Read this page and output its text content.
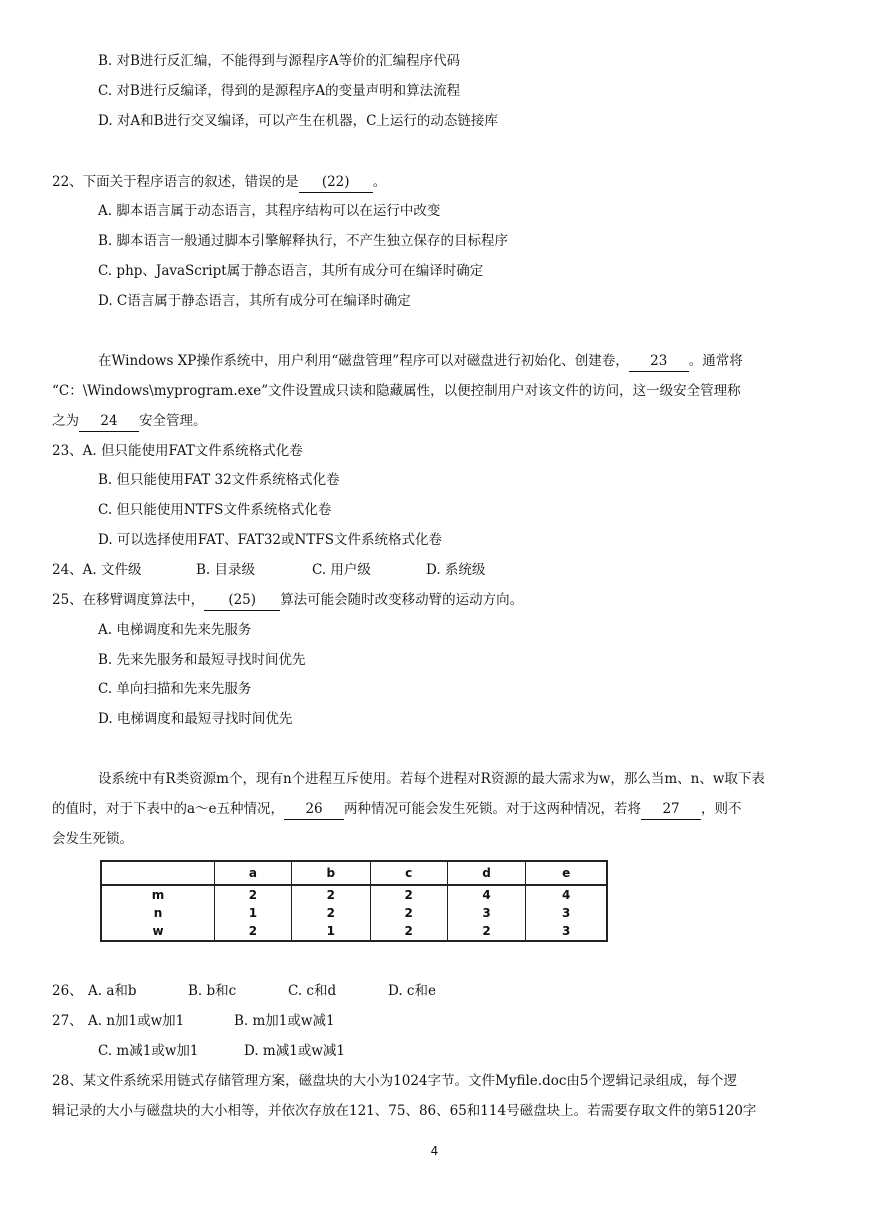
B. 对B进行反汇编，不能得到与源程序A等价的汇编程序代码
C. 对B进行反编译，得到的是源程序A的变量声明和算法流程
D. 对A和B进行交叉编译，可以产生在机器，C上运行的动态链接库
22、下面关于程序语言的叙述，错误的是 (22) 。
A. 脚本语言属于动态语言，其程序结构可以在运行中改变
B. 脚本语言一般通过脚本引擎解释执行，不产生独立保存的目标程序
C. php、JavaScript属于静态语言，其所有成分可在编译时确定
D. C语言属于静态语言，其所有成分可在编译时确定
在Windows XP操作系统中，用户利用“磁盘管理”程序可以对磁盘进行初始化、创建卷， 23 。通常将
“C：\Windows\myprogram.exe”文件设置成只读和隐藏属性，以便控制用户对该文件的访问，这一级安全管理称
之为 24 安全管理。
23、A. 但只能使用FAT文件系统格式化卷
B. 但只能使用FAT 32文件系统格式化卷
C. 但只能使用NTFS文件系统格式化卷
D. 可以选择使用FAT、FAT32或NTFS文件系统格式化卷
24、A. 文件级	B. 目录级	C. 用户级	D. 系统级
25、在移臂调度算法中， (25) 算法可能会随时改变移动臂的运动方向。
A. 电梯调度和先来先服务
B. 先来先服务和最短寻找时间优先
C. 单向扫描和先来先服务
D. 电梯调度和最短寻找时间优先
设系统中有R类资源m个，现有n个进程互斥使用。若每个进程对R资源的最大需求为w，那么当m、n、w取下表
的值时，对于下表中的a～e五种情况， 26 两种情况可能会发生死锁。对于这两种情况，若将 27 ，则不
会发生死锁。
	a	b	c	d	e
m	2	2	2	4	4
n	1	2	2	3	3
w	2	1	2	2	3
26、 A. a和b	B. b和c	C. c和d	D. c和e
27、 A. n加1或w加1	B. m加1或w减1
C. m减1或w加1	D. m减1或w减1
28、某文件系统采用链式存储管理方案，磁盘块的大小为1024字节。文件Myfile.doc由5个逻辑记录组成，每个逻
辑记录的大小与磁盘块的大小相等，并依次存放在121、75、86、65和114号磁盘块上。若需要存取文件的第5120字
4
